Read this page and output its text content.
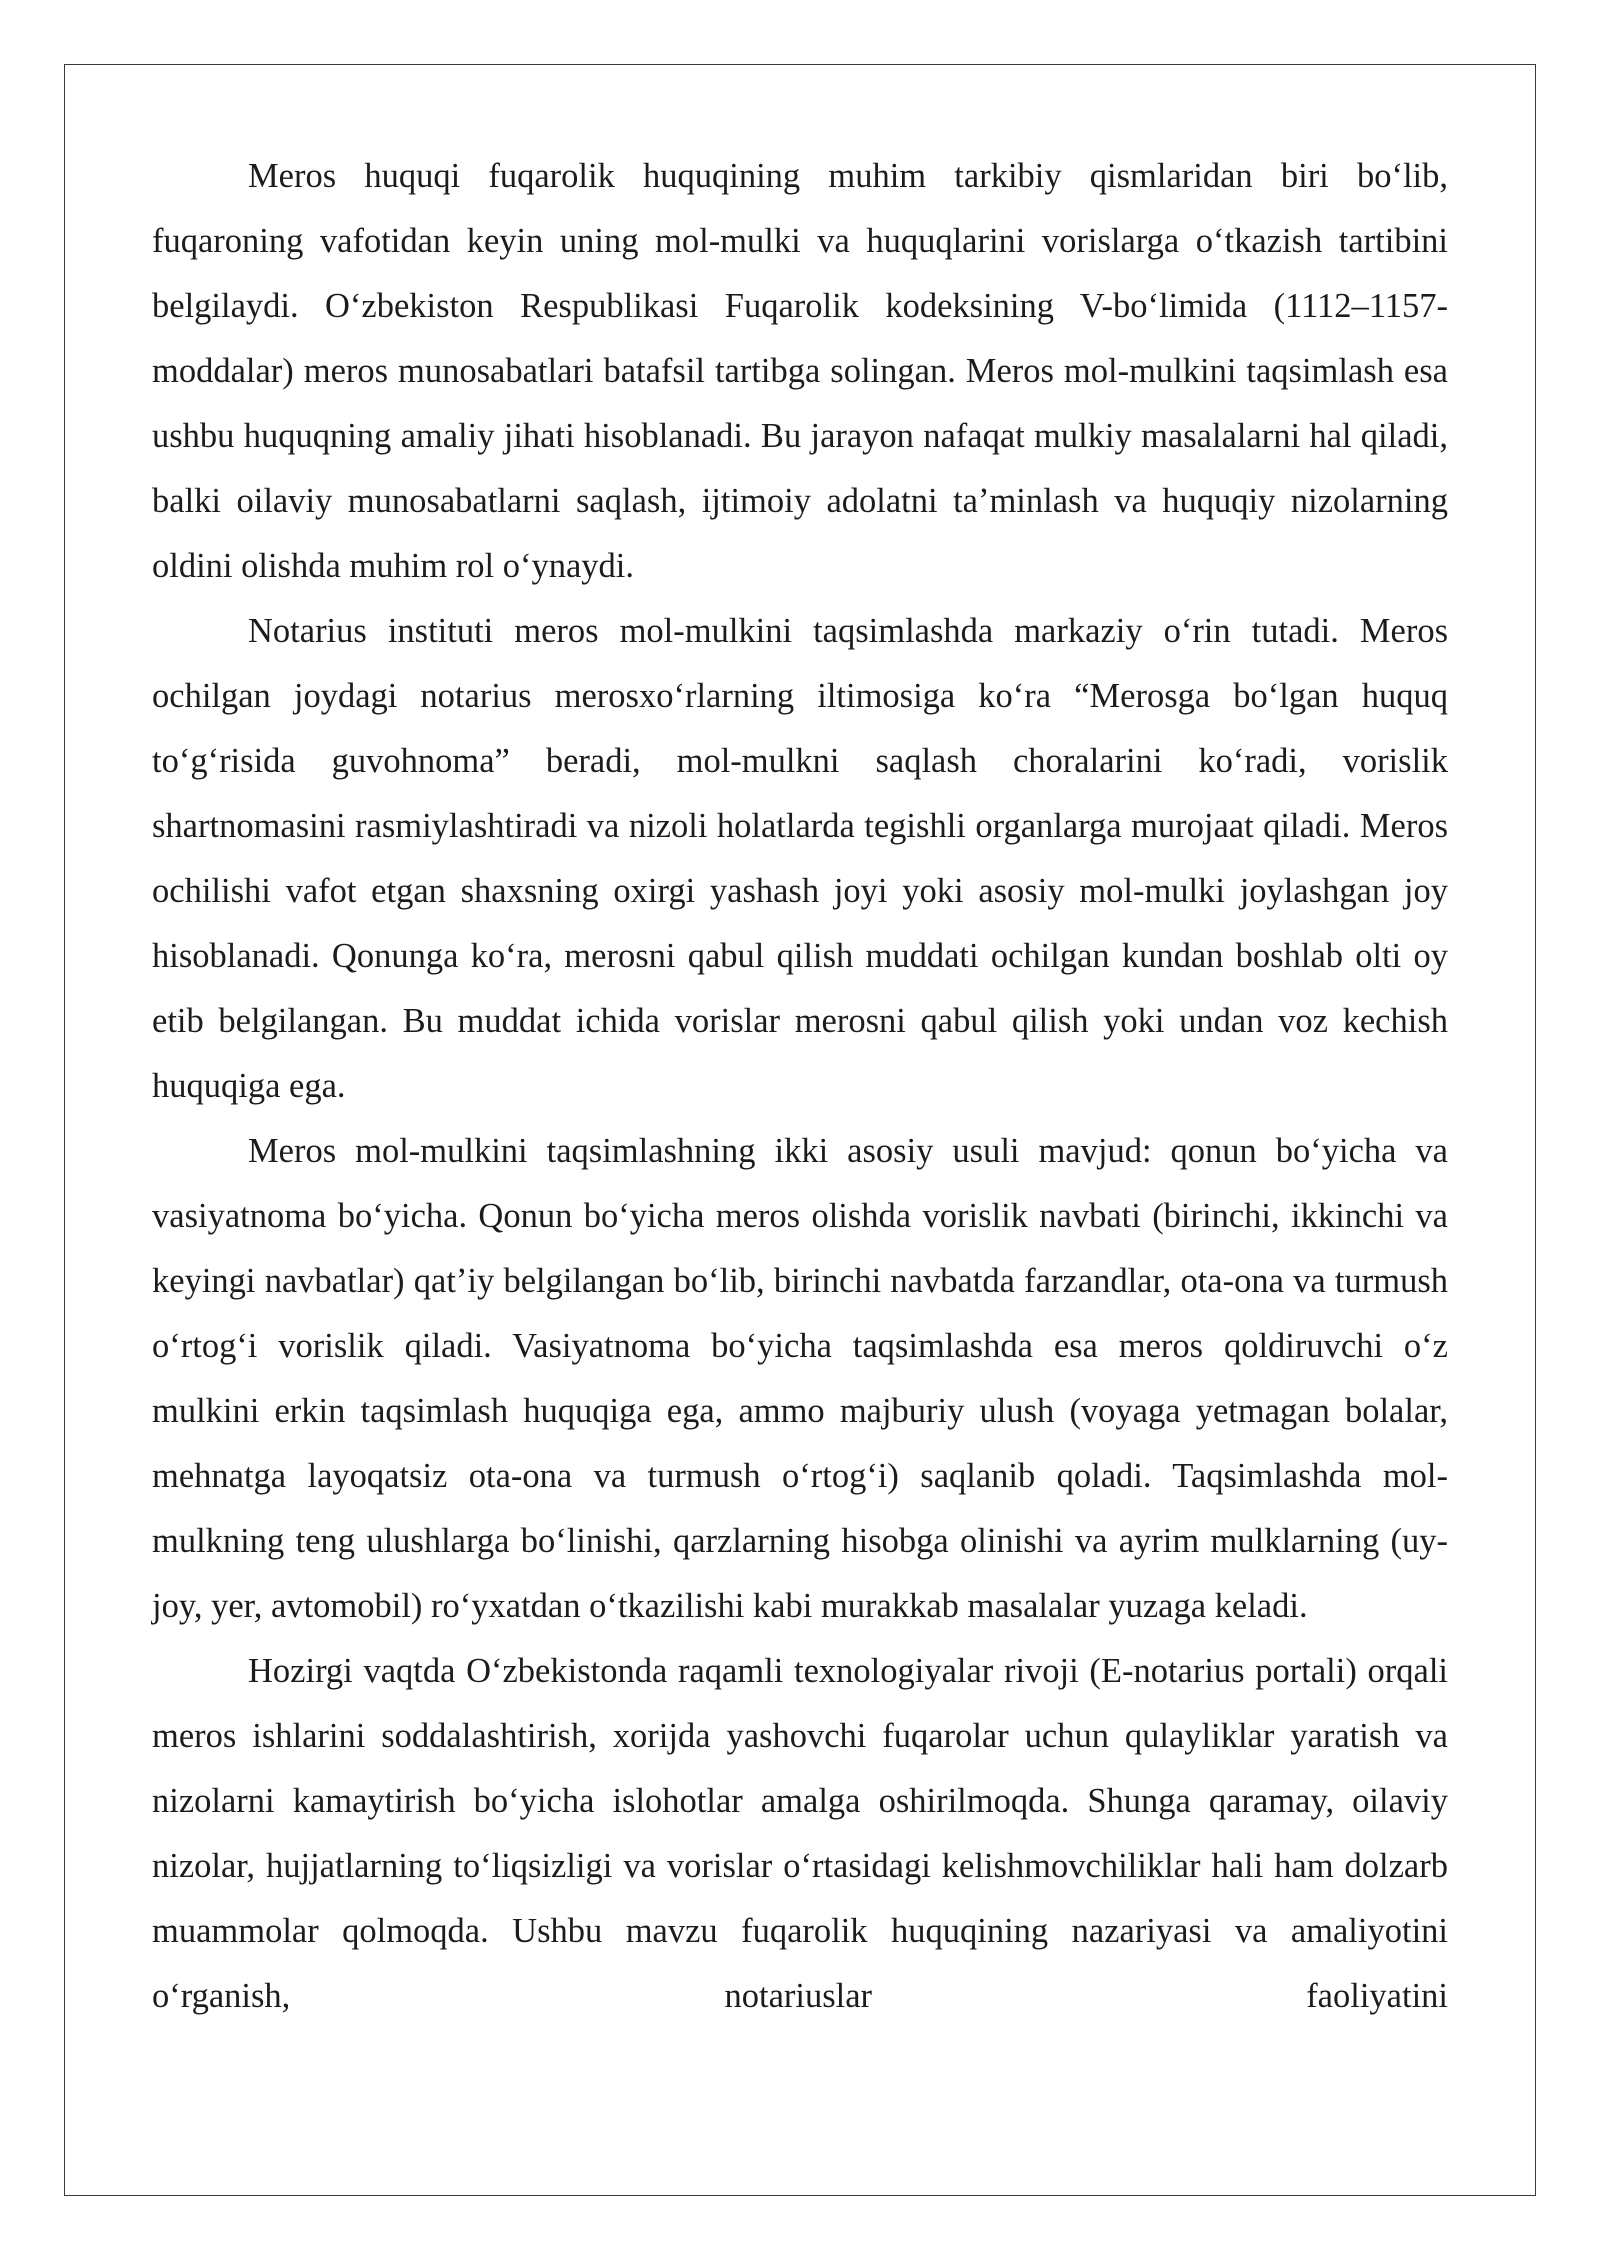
Meros huquqi fuqarolik huquqining muhim tarkibiy qismlaridan biri boʻlib, fuqaroning vafotidan keyin uning mol-mulki va huquqlarini vorislarga oʻtkazish tartibini belgilaydi. Oʻzbekiston Respublikasi Fuqarolik kodeksining V-boʻlimida (1112–1157-moddalar) meros munosabatlari batafsil tartibga solingan. Meros mol-mulkini taqsimlash esa ushbu huquqning amaliy jihati hisoblanadi. Bu jarayon nafaqat mulkiy masalalarni hal qiladi, balki oilaviy munosabatlarni saqlash, ijtimoiy adolatni taʼminlash va huquqiy nizolarning oldini olishda muhim rol oʻynaydi.

Notarius instituti meros mol-mulkini taqsimlashda markaziy oʻrin tutadi. Meros ochilgan joydagi notarius merosxoʻrlarning iltimosiga koʻra “Merosga boʻlgan huquq toʻgʻrisida guvohnoma” beradi, mol-mulkni saqlash choralarini koʻradi, vorislik shartnomasini rasmiylashtiradi va nizoli holatlarda tegishli organlarga murojaat qiladi. Meros ochilishi vafot etgan shaxsning oxirgi yashash joyi yoki asosiy mol-mulki joylashgan joy hisoblanadi. Qonunga koʻra, merosni qabul qilish muddati ochilgan kundan boshlab olti oy etib belgilangan. Bu muddat ichida vorislar merosni qabul qilish yoki undan voz kechish huquqiga ega.

Meros mol-mulkini taqsimlashning ikki asosiy usuli mavjud: qonun boʻyicha va vasiyatnoma boʻyicha. Qonun boʻyicha meros olishda vorislik navbati (birinchi, ikkinchi va keyingi navbatlar) qatʼiy belgilangan boʻlib, birinchi navbatda farzandlar, ota-ona va turmush oʻrtogʻi vorislik qiladi. Vasiyatnoma boʻyicha taqsimlashda esa meros qoldiruvchi oʻz mulkini erkin taqsimlash huquqiga ega, ammo majburiy ulush (voyaga yetmagan bolalar, mehnatga layoqatsiz ota-ona va turmush oʻrtogʻi) saqlanib qoladi. Taqsimlashda mol-mulkning teng ulushlarga boʻlinishi, qarzlarning hisobga olinishi va ayrim mulklarning (uy-joy, yer, avtomobil) roʻyxatdan oʻtkazilishi kabi murakkab masalalar yuzaga keladi.

Hozirgi vaqtda Oʻzbekistonda raqamli texnologiyalar rivoji (E-notarius portali) orqali meros ishlarini soddalashtirish, xorijda yashovchi fuqarolar uchun qulayliklar yaratish va nizolarni kamaytirish boʻyicha islohotlar amalga oshirilmoqda. Shunga qaramay, oilaviy nizolar, hujjatlarning toʻliqsizligi va vorislar oʻrtasidagi kelishmovchiliklar hali ham dolzarb muammolar qolmoqda. Ushbu mavzu fuqarolik huquqining nazariyasi va amaliyotini oʻrganish, notariuslar faoliyatini
